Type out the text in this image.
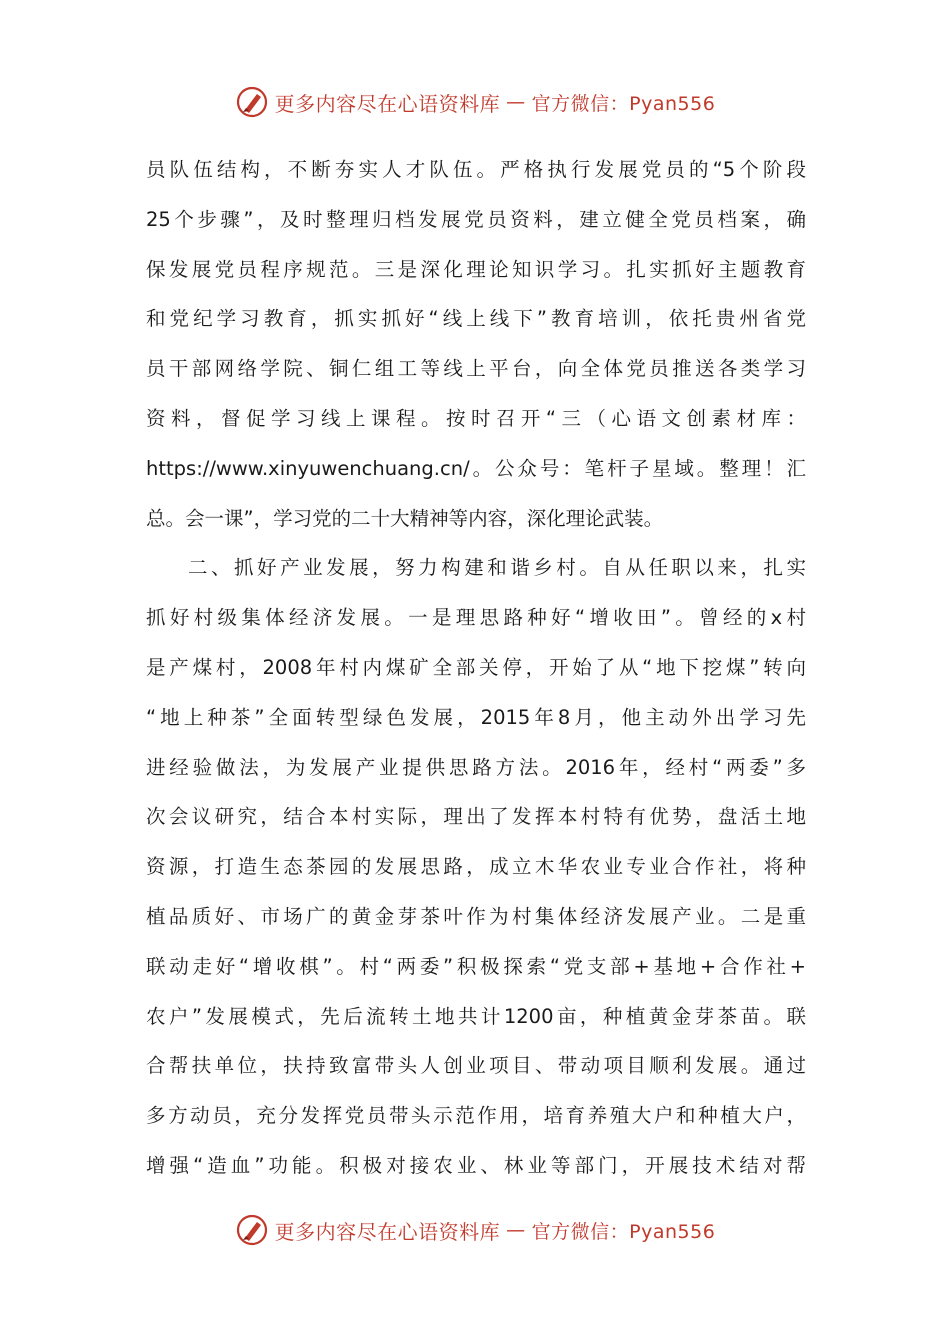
更多内容尽在心语资料库 — 官方微信：Pyan556
员队伍结构，不断夯实人才队伍。严格执行发展党员的“5个阶段
25个步骤”，及时整理归档发展党员资料，建立健全党员档案，确
保发展党员程序规范。三是深化理论知识学习。扎实抓好主题教育
和党纪学习教育，抓实抓好“线上线下”教育培训，依托贵州省党
员干部网络学院、铜仁组工等线上平台，向全体党员推送各类学习
资料，督促学习线上课程。按时召开“三（心语文创素材库：
https://www.xinyuwenchuang.cn/。公众号：笔杆子星域。整理！汇
总。会一课”，学习党的二十大精神等内容，深化理论武装。
二、抓好产业发展，努力构建和谐乡村。自从任职以来，扎实
抓好村级集体经济发展。一是理思路种好“增收田”。曾经的x村
是产煤村，2008年村内煤矿全部关停，开始了从“地下挖煤”转向
“地上种茶”全面转型绿色发展，2015年8月，他主动外出学习先
进经验做法，为发展产业提供思路方法。2016年，经村“两委”多
次会议研究，结合本村实际，理出了发挥本村特有优势，盘活土地
资源，打造生态茶园的发展思路，成立木华农业专业合作社，将种
植品质好、市场广的黄金芽茶叶作为村集体经济发展产业。二是重
联动走好“增收棋”。村“两委”积极探索“党支部+基地+合作社+
农户”发展模式，先后流转土地共计1200亩，种植黄金芽茶苗。联
合帮扶单位，扶持致富带头人创业项目、带动项目顺利发展。通过
多方动员，充分发挥党员带头示范作用，培育养殖大户和种植大户，
增强“造血”功能。积极对接农业、林业等部门，开展技术结对帮
更多内容尽在心语资料库 — 官方微信：Pyan556
